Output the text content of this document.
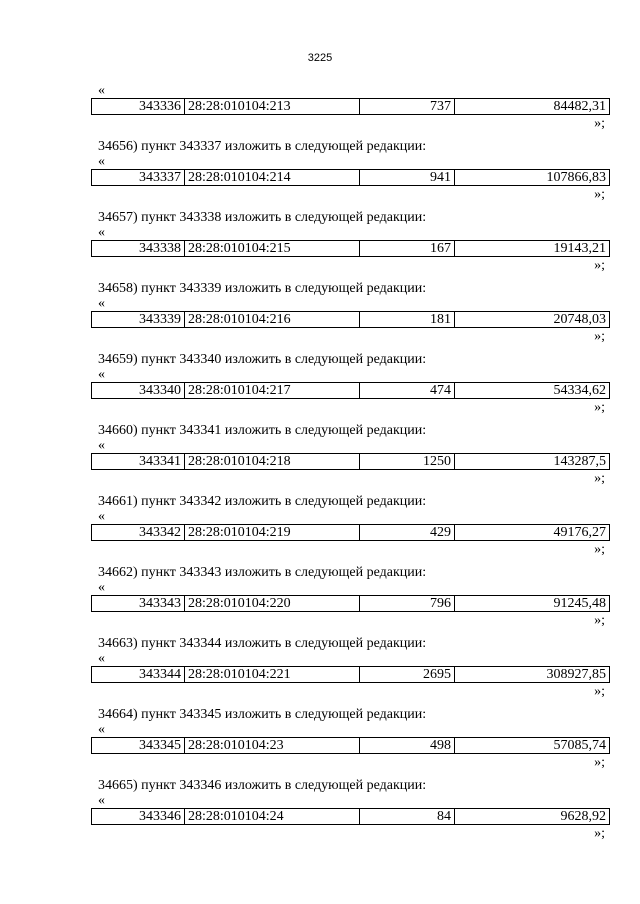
3225
«
343336	28:28:010104:213	737	84482,31
»;
34656) пункт 343337 изложить в следующей редакции:
«
343337	28:28:010104:214	941	107866,83
»;
34657) пункт 343338 изложить в следующей редакции:
«
343338	28:28:010104:215	167	19143,21
»;
34658) пункт 343339 изложить в следующей редакции:
«
343339	28:28:010104:216	181	20748,03
»;
34659) пункт 343340 изложить в следующей редакции:
«
343340	28:28:010104:217	474	54334,62
»;
34660) пункт 343341 изложить в следующей редакции:
«
343341	28:28:010104:218	1250	143287,5
»;
34661) пункт 343342 изложить в следующей редакции:
«
343342	28:28:010104:219	429	49176,27
»;
34662) пункт 343343 изложить в следующей редакции:
«
343343	28:28:010104:220	796	91245,48
»;
34663) пункт 343344 изложить в следующей редакции:
«
343344	28:28:010104:221	2695	308927,85
»;
34664) пункт 343345 изложить в следующей редакции:
«
343345	28:28:010104:23	498	57085,74
»;
34665) пункт 343346 изложить в следующей редакции:
«
343346	28:28:010104:24	84	9628,92
»;
